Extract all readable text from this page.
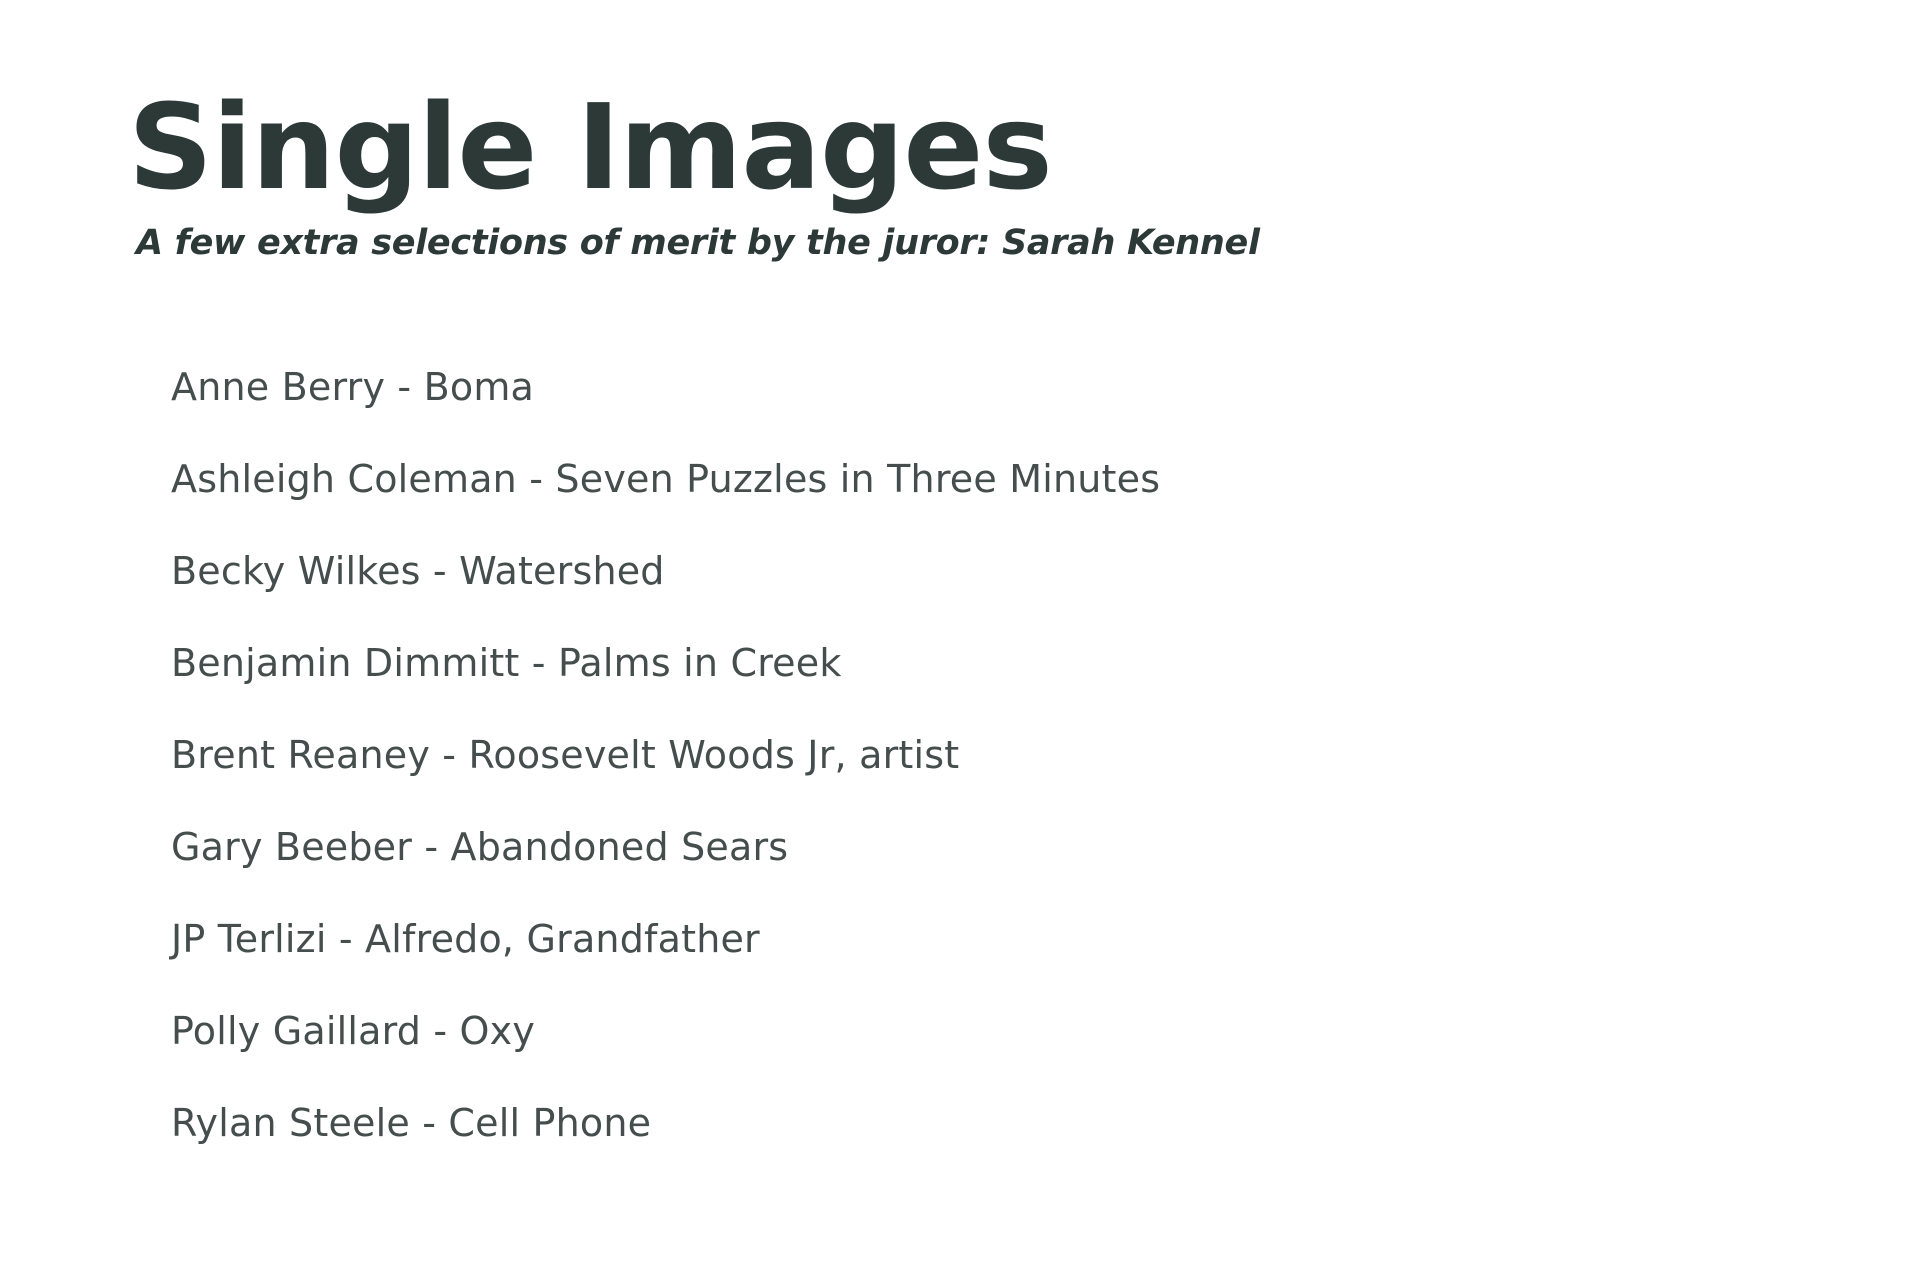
Single Images

A few extra selections of merit by the juror: Sarah Kennel

Anne Berry - Boma
Ashleigh Coleman - Seven Puzzles in Three Minutes
Becky Wilkes - Watershed
Benjamin Dimmitt - Palms in Creek
Brent Reaney - Roosevelt Woods Jr, artist
Gary Beeber - Abandoned Sears
JP Terlizi - Alfredo, Grandfather
Polly Gaillard - Oxy
Rylan Steele - Cell Phone
